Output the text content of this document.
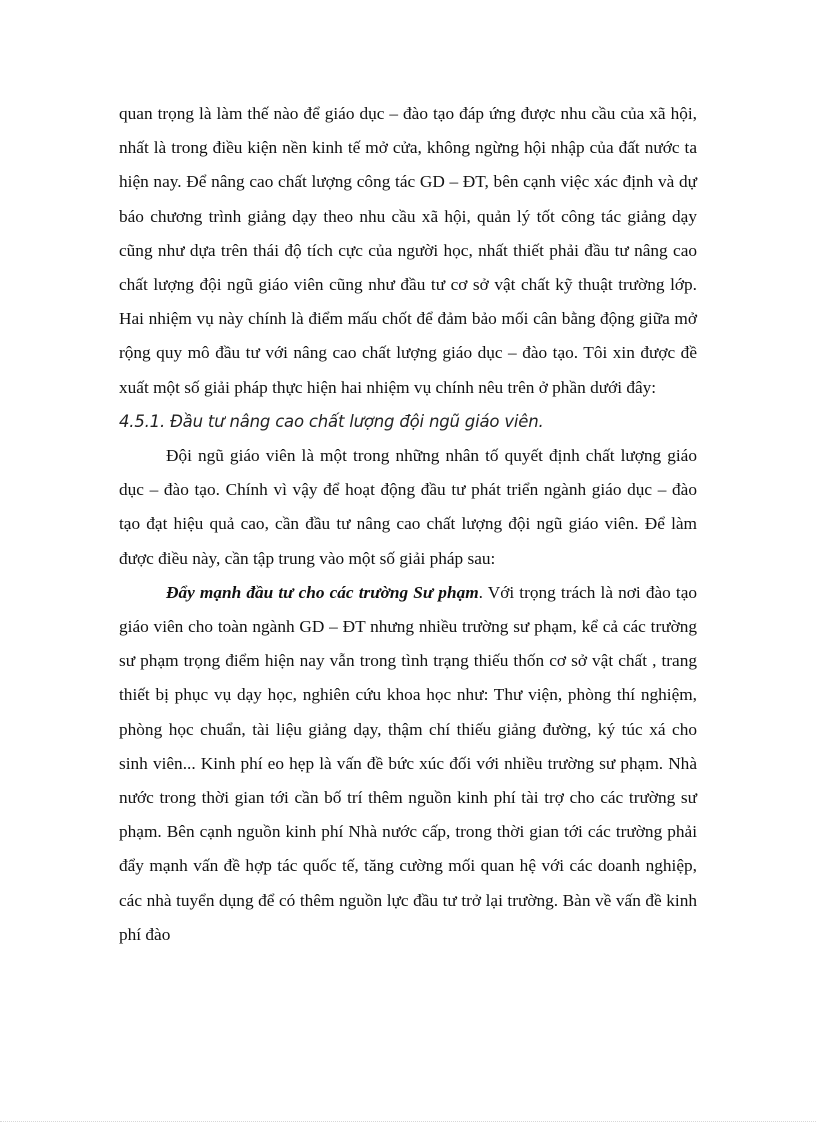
quan trọng là làm thế nào để giáo dục – đào tạo đáp ứng được nhu cầu của xã hội, nhất là trong điều kiện nền kinh tế mở cửa, không ngừng hội nhập của đất nước ta hiện nay. Để nâng cao chất lượng công tác GD – ĐT, bên cạnh việc xác định và dự báo chương trình giảng dạy theo nhu cầu xã hội, quản lý tốt công tác giảng dạy cũng như dựa trên thái độ tích cực của người học, nhất thiết phải đầu tư nâng cao chất lượng đội ngũ giáo viên cũng như đầu tư cơ sở vật chất kỹ thuật trường lớp. Hai nhiệm vụ này chính là điểm mấu chốt để đảm bảo mối cân bằng động giữa mở rộng quy mô đầu tư với nâng cao chất lượng giáo dục – đào tạo. Tôi xin được đề xuất một số giải pháp thực hiện hai nhiệm vụ chính nêu trên ở phần dưới đây:

4.5.1. Đầu tư nâng cao chất lượng đội ngũ giáo viên.

Đội ngũ giáo viên là một trong những nhân tố quyết định chất lượng giáo dục – đào tạo. Chính vì vậy để hoạt động đầu tư phát triển ngành giáo dục – đào tạo đạt hiệu quả cao, cần đầu tư nâng cao chất lượng đội ngũ giáo viên. Để làm được điều này, cần tập trung vào một số giải pháp sau:

Đẩy mạnh đầu tư cho các trường Sư phạm. Với trọng trách là nơi đào tạo giáo viên cho toàn ngành GD – ĐT nhưng nhiều trường sư phạm, kể cả các trường sư phạm trọng điểm hiện nay vẫn trong tình trạng thiếu thốn cơ sở vật chất , trang thiết bị phục vụ dạy học, nghiên cứu khoa học như: Thư viện, phòng thí nghiệm, phòng học chuẩn, tài liệu giảng dạy, thậm chí thiếu giảng đường, ký túc xá cho sinh viên... Kinh phí eo hẹp là vấn đề bức xúc đối với nhiều trường sư phạm. Nhà nước trong thời gian tới cần bố trí thêm nguồn kinh phí tài trợ cho các trường sư phạm. Bên cạnh nguồn kinh phí Nhà nước cấp, trong thời gian tới các trường phải đẩy mạnh vấn đề hợp tác quốc tế, tăng cường mối quan hệ với các doanh nghiệp, các nhà tuyển dụng để có thêm nguồn lực đầu tư trở lại trường. Bàn về vấn đề kinh phí đào
